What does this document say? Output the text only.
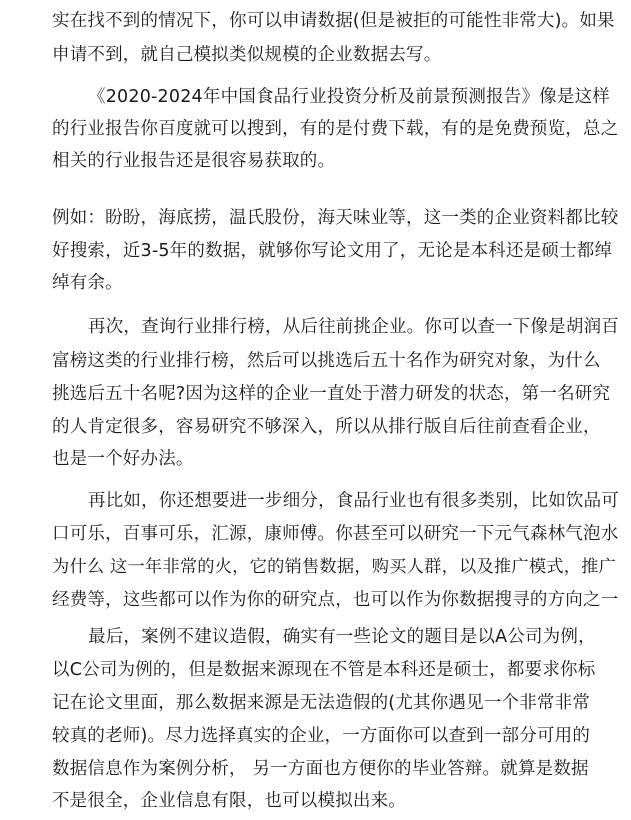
实在找不到的情况下，你可以申请数据(但是被拒的可能性非常大)。如果
申请不到，就自己模拟类似规模的企业数据去写。
《2020-2024年中国食品行业投资分析及前景预测报告》像是这样
的行业报告你百度就可以搜到，有的是付费下载，有的是免费预览，总之
相关的行业报告还是很容易获取的。
例如：盼盼，海底捞，温氏股份，海天味业等，这一类的企业资料都比较
好搜索，近3-5年的数据，就够你写论文用了，无论是本科还是硕士都绰
绰有余。
再次，查询行业排行榜，从后往前挑企业。你可以查一下像是胡润百
富榜这类的行业排行榜，然后可以挑选后五十名作为研究对象，为什么
挑选后五十名呢?因为这样的企业一直处于潜力研发的状态，第一名研究
的人肯定很多，容易研究不够深入，所以从排行版自后往前查看企业，
也是一个好办法。
再比如，你还想要进一步细分，食品行业也有很多类别，比如饮品可
口可乐，百事可乐，汇源，康师傅。你甚至可以研究一下元气森林气泡水
为什么 这一年非常的火，它的销售数据，购买人群，以及推广模式，推广
经费等，这些都可以作为你的研究点，也可以作为你数据搜寻的方向之一
最后，案例不建议造假，确实有一些论文的题目是以A公司为例，
以C公司为例的，但是数据来源现在不管是本科还是硕士，都要求你标
记在论文里面，那么数据来源是无法造假的(尤其你遇见一个非常非常
较真的老师)。尽力选择真实的企业，一方面你可以查到一部分可用的
数据信息作为案例分析， 另一方面也方便你的毕业答辩。就算是数据
不是很全，企业信息有限，也可以模拟出来。
